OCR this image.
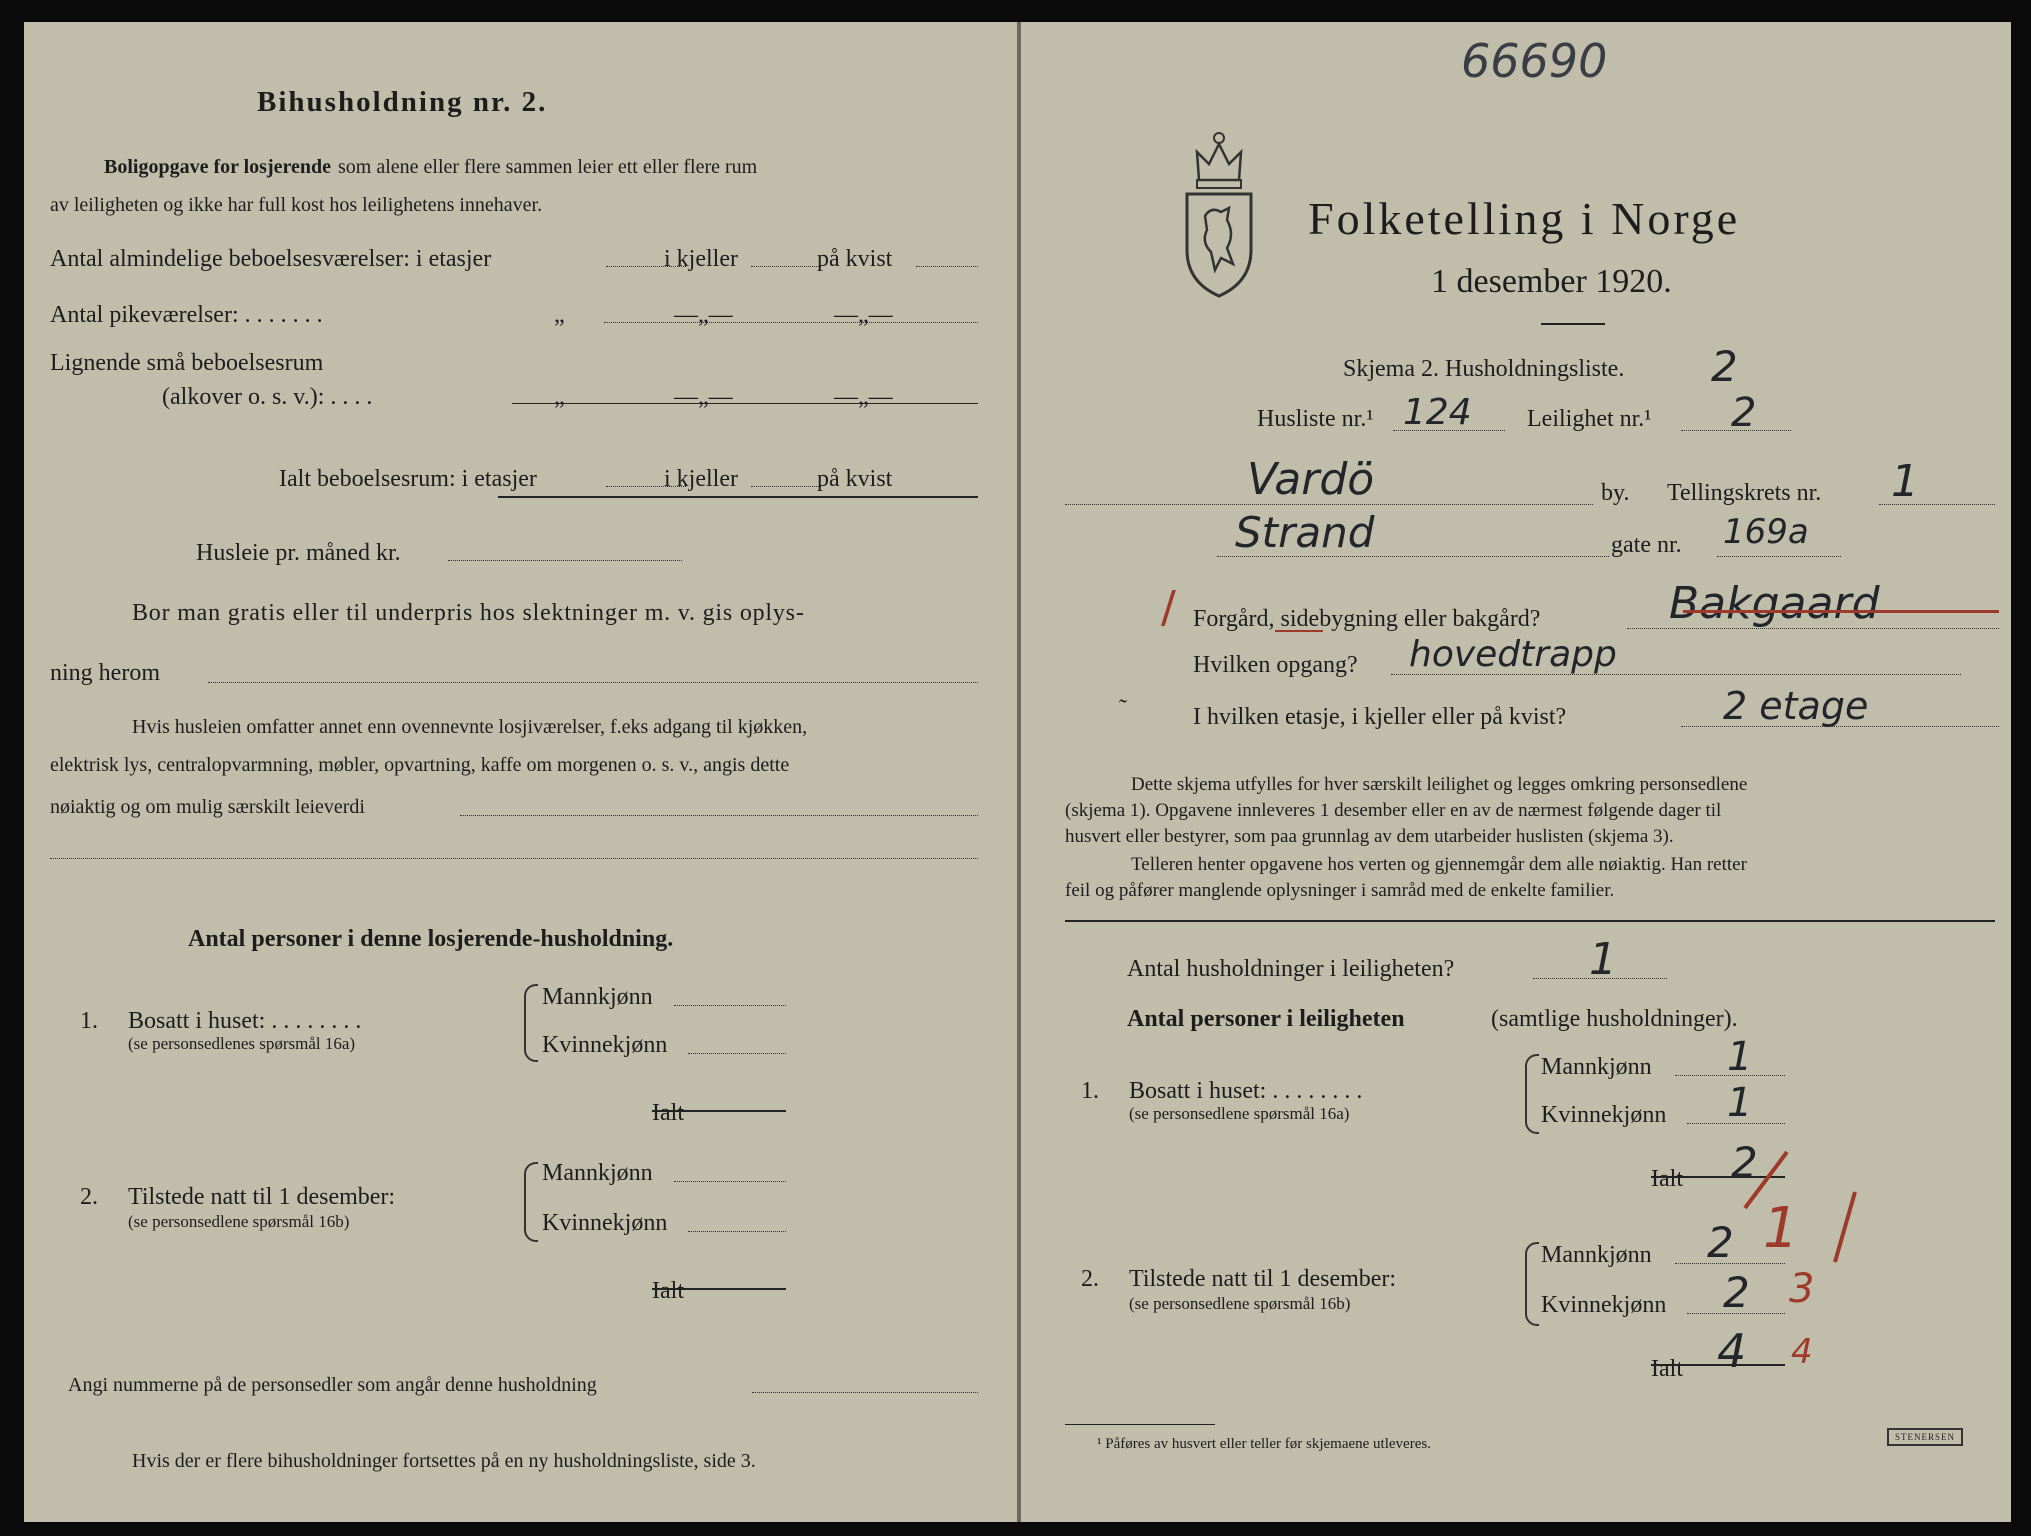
Bihusholdning nr. 2.
Boligopgave for losjerende som alene eller flere sammen leier ett eller flere rum
av leiligheten og ikke har full kost hos leilighetens innehaver.
Antal almindelige beboelsesværelser: i etasjer	i kjeller	på kvist
Antal pikeværelser: . . . . . . .	„	—„—	—„—
Lignende små beboelsesrum
(alkover o. s. v.): . . . .	„	—„—	—„—
Ialt beboelsesrum: i etasjer	i kjeller	på kvist
Husleie pr. måned kr.
Bor man gratis eller til underpris hos slektninger m. v. gis oplys-
ning herom
Hvis husleien omfatter annet enn ovennevnte losjiværelser, f.eks adgang til kjøkken,
elektrisk lys, centralopvarmning, møbler, opvartning, kaffe om morgenen o. s. v., angis dette
nøiaktig og om mulig særskilt leieverdi
Antal personer i denne losjerende-husholdning.
1. Bosatt i huset: . . . . . . . .
(se personsedlenes spørsmål 16a)
Mannkjønn
Kvinnekjønn
Ialt
2. Tilstede natt til 1 desember:
(se personsedlene spørsmål 16b)
Mannkjønn
Kvinnekjønn
Ialt
Angi nummerne på de personsedler som angår denne husholdning
Hvis der er flere bihusholdninger fortsettes på en ny husholdningsliste, side 3.
66690
Folketelling i Norge
1 desember 1920.
Skjema 2. Husholdningsliste. 2
Husliste nr.¹ 124 Leilighet nr.¹ 2
Vardö	by. Tellingskrets nr. 1
Strand	gate nr. 169a
/ Forgård, sidebygning eller bakgård?	Bakgaard
Hvilken opgang? hovedtrapp
˜	I hvilken etasje, i kjeller eller på kvist?	2 etage
Dette skjema utfylles for hver særskilt leilighet og legges omkring personsedlene
(skjema 1). Opgavene innleveres 1 desember eller en av de nærmest følgende dager til
husvert eller bestyrer, som paa grunnlag av dem utarbeider huslisten (skjema 3).
Telleren henter opgavene hos verten og gjennemgår dem alle nøiaktig. Han retter
feil og påfører manglende oplysninger i samråd med de enkelte familier.
Antal husholdninger i leiligheten?	1
Antal personer i leiligheten	(samtlige husholdninger).
1. Bosatt i huset: . . . . . . . .
(se personsedlene spørsmål 16a)
Mannkjønn 1
Kvinnekjønn 1
Ialt 2
2. Tilstede natt til 1 desember:
(se personsedlene spørsmål 16b)
Mannkjønn 2 1
Kvinnekjønn 2 3
Ialt 4 4
¹ Påføres av husvert eller teller før skjemaene utleveres.	STENERSEN
